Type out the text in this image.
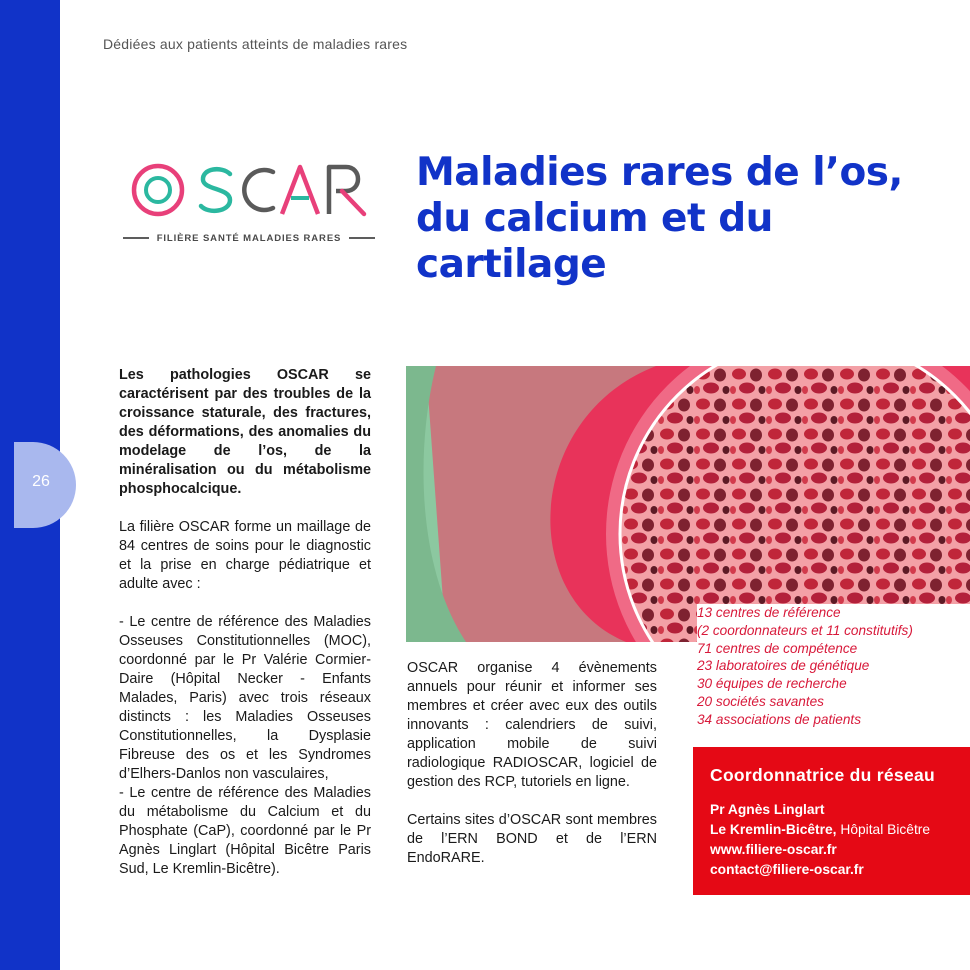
26
Dédiées aux patients atteints de maladies rares
OSCAR
FILIÈRE SANTÉ MALADIES RARES
Maladies rares de l’os,
du calcium et du cartilage

Les pathologies OSCAR se caractérisent par des troubles de la croissance staturale, des fractures, des déformations, des anomalies du modelage de l’os, de la minéralisation ou du métabolisme phosphocalcique.

La filière OSCAR forme un maillage de 84 centres de soins pour le diagnostic et la prise en charge pédiatrique et adulte avec :

- Le centre de référence des Maladies Osseuses Constitutionnelles (MOC), coordonné par le Pr Valérie Cormier-Daire (Hôpital Necker - Enfants Malades, Paris) avec trois réseaux distincts : les Maladies Osseuses Constitutionnelles, la Dysplasie Fibreuse des os et les Syndromes d’Elhers-Danlos non vasculaires,

- Le centre de référence des Maladies du métabolisme du Calcium et du Phosphate (CaP), coordonné par le Pr Agnès Linglart (Hôpital Bicêtre Paris Sud, Le Kremlin-Bicêtre).

OSCAR organise 4 évènements annuels pour réunir et informer ses membres et créer avec eux des outils innovants : calendriers de suivi, application mobile de suivi radiologique RADIOSCAR, logiciel de gestion des RCP, tutoriels en ligne.

Certains sites d’OSCAR sont membres de l’ERN BOND et de l’ERN EndoRARE.

13 centres de référence
(2 coordonnateurs et 11 constitutifs)
71 centres de compétence
23 laboratoires de génétique
30 équipes de recherche
20 sociétés savantes
34 associations de patients
Coordonnatrice du réseau
Pr Agnès Linglart
Le Kremlin-Bicêtre, Hôpital Bicêtre
www.filiere-oscar.fr
contact@filiere-oscar.fr
